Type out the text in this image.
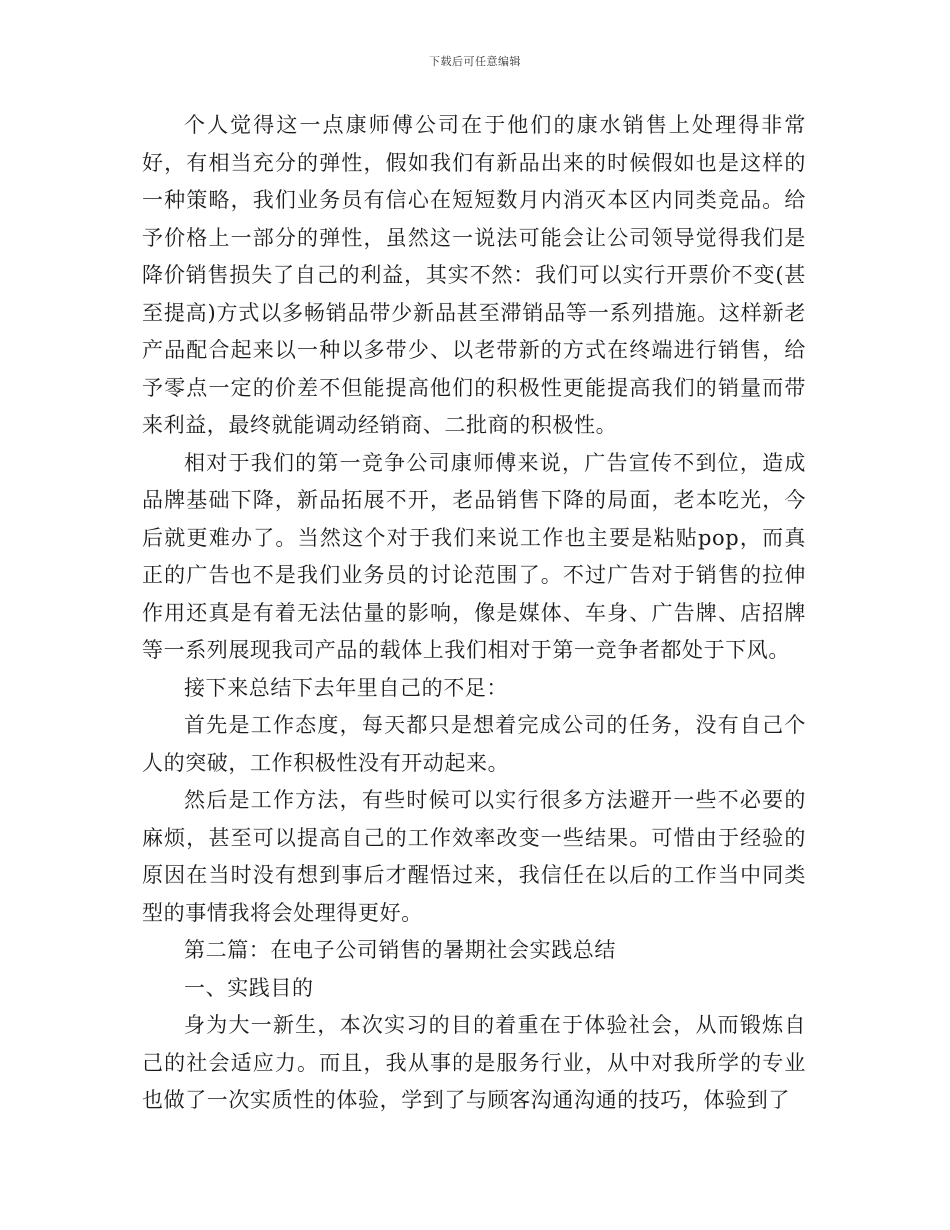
下载后可任意编辑

个人觉得这一点康师傅公司在于他们的康水销售上处理得非常好，有相当充分的弹性，假如我们有新品出来的时候假如也是这样的一种策略，我们业务员有信心在短短数月内消灭本区内同类竞品。给予价格上一部分的弹性，虽然这一说法可能会让公司领导觉得我们是降价销售损失了自己的利益，其实不然：我们可以实行开票价不变(甚至提高)方式以多畅销品带少新品甚至滞销品等一系列措施。这样新老产品配合起来以一种以多带少、以老带新的方式在终端进行销售，给予零点一定的价差不但能提高他们的积极性更能提高我们的销量而带来利益，最终就能调动经销商、二批商的积极性。

相对于我们的第一竞争公司康师傅来说，广告宣传不到位，造成品牌基础下降，新品拓展不开，老品销售下降的局面，老本吃光，今后就更难办了。当然这个对于我们来说工作也主要是粘贴pop，而真正的广告也不是我们业务员的讨论范围了。不过广告对于销售的拉伸作用还真是有着无法估量的影响，像是媒体、车身、广告牌、店招牌等一系列展现我司产品的载体上我们相对于第一竞争者都处于下风。

接下来总结下去年里自己的不足：

首先是工作态度，每天都只是想着完成公司的任务，没有自己个人的突破，工作积极性没有开动起来。

然后是工作方法，有些时候可以实行很多方法避开一些不必要的麻烦，甚至可以提高自己的工作效率改变一些结果。可惜由于经验的原因在当时没有想到事后才醒悟过来，我信任在以后的工作当中同类型的事情我将会处理得更好。

第二篇：在电子公司销售的暑期社会实践总结

一、实践目的

身为大一新生，本次实习的目的着重在于体验社会，从而锻炼自己的社会适应力。而且，我从事的是服务行业，从中对我所学的专业也做了一次实质性的体验，学到了与顾客沟通沟通的技巧，体验到了
